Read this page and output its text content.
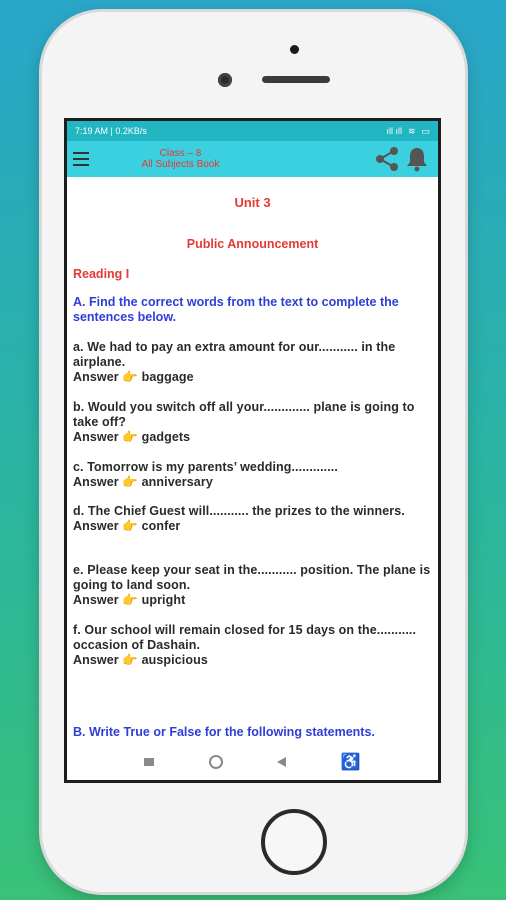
7:19 AM | 0.2KB/s	ıll ıll ≋ ▭
Class – 8
All Subjects Book
Unit 3
Public Announcement
Reading I
A. Find the correct words from the text to complete the sentences below.
a. We had to pay an extra amount for our........... in the airplane.
Answer 👉 baggage
b. Would you switch off all your............. plane is going to take off?
Answer 👉 gadgets
c. Tomorrow is my parents’ wedding.............
Answer 👉 anniversary
d. The Chief Guest will........... the prizes to the winners.
Answer 👉 confer
e. Please keep your seat in the........... position. The plane is going to land soon.
Answer 👉 upright
f. Our school will remain closed for 15 days on the........... occasion of Dashain.
Answer 👉 auspicious
B. Write True or False for the following statements.
♿
